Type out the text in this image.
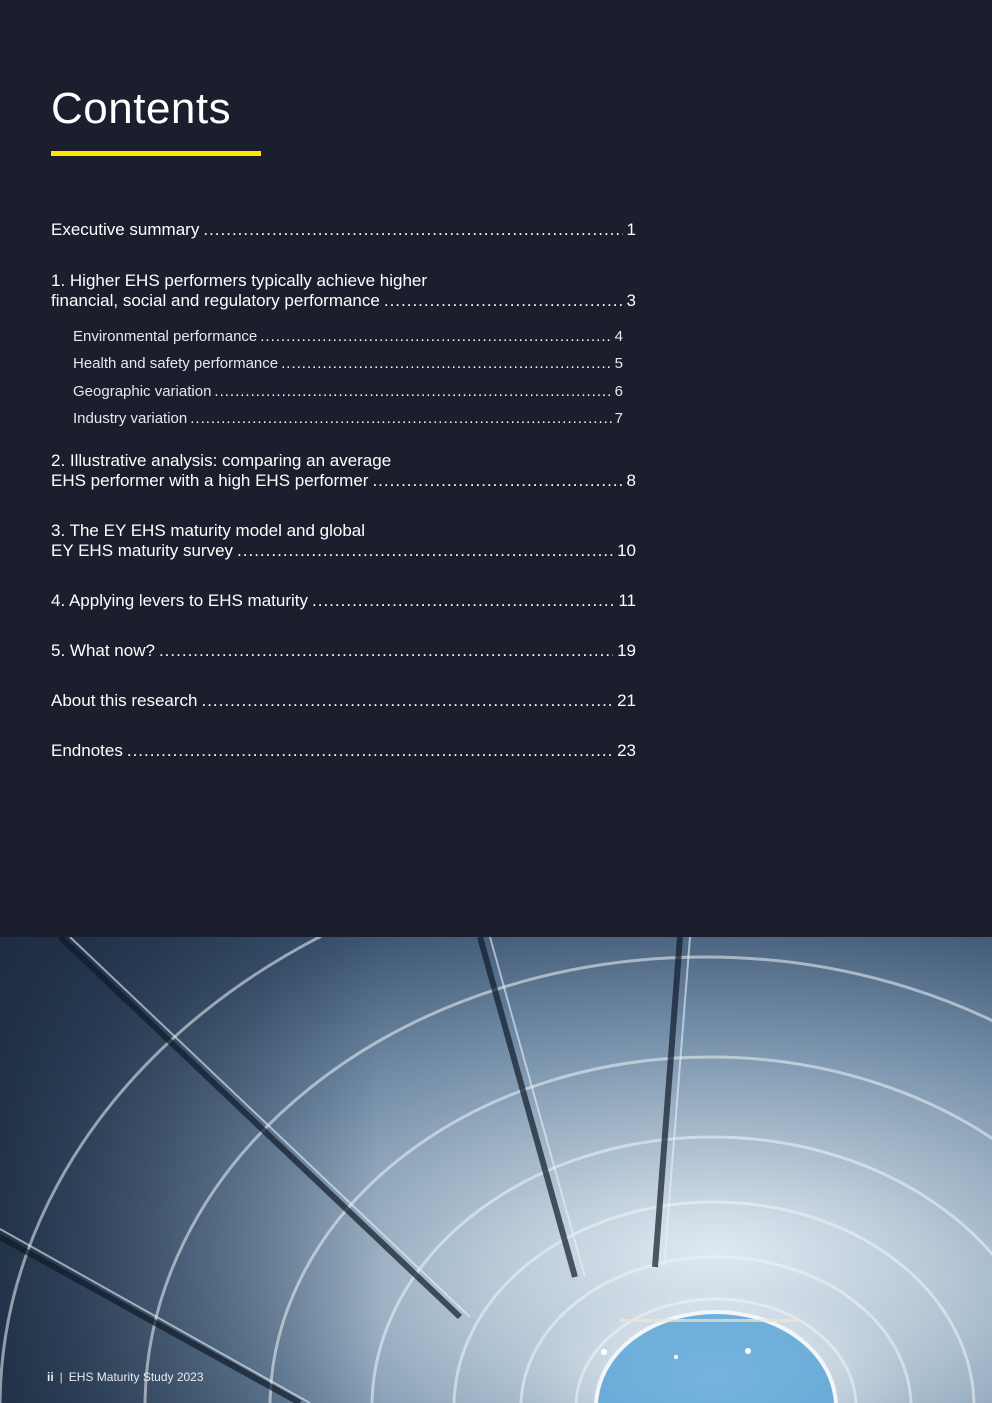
Contents
Executive summary .....	1
1. Higher EHS performers typically achieve higher
financial, social and regulatory performance .....	3
Environmental performance .....	4
Health and safety performance .....	5
Geographic variation .....	6
Industry variation .....	7
2. Illustrative analysis: comparing an average
EHS performer with a high EHS performer .....	8
3. The EY EHS maturity model and global
EY EHS maturity survey .....	10
4. Applying levers to EHS maturity .....	11
5. What now? .....	19
About this research .....	21
Endnotes .....	23
ii | EHS Maturity Study 2023
